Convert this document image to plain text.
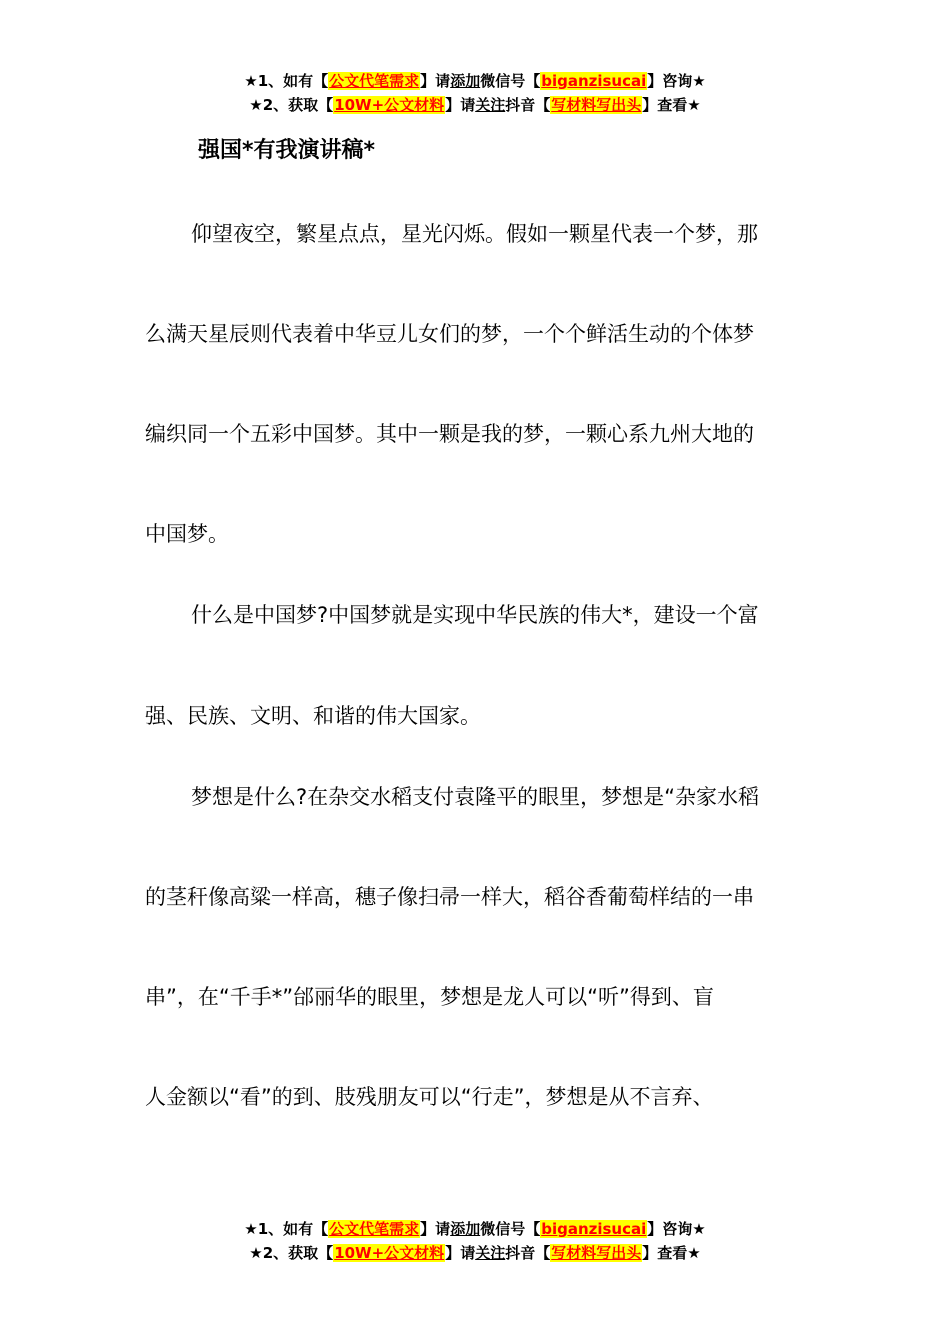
★1、如有【公文代笔需求】请添加微信号【biganzisucai】咨询★
★2、获取【10W+公文材料】请关注抖音【写材料写出头】查看★
强国*有我演讲稿*
仰望夜空，繁星点点，星光闪烁。假如一颗星代表一个梦，那
么满天星辰则代表着中华豆儿女们的梦，一个个鲜活生动的个体梦
编织同一个五彩中国梦。其中一颗是我的梦，一颗心系九州大地的
中国梦。
什么是中国梦?中国梦就是实现中华民族的伟大*，建设一个富
强、民族、文明、和谐的伟大国家。
梦想是什么?在杂交水稻支付袁隆平的眼里，梦想是“杂家水稻
的茎秆像高粱一样高，穗子像扫帚一样大，稻谷香葡萄样结的一串
串”，在“千手*”邰丽华的眼里，梦想是龙人可以“听”得到、盲
人金额以“看”的到、肢残朋友可以“行走”，梦想是从不言弃、
★1、如有【公文代笔需求】请添加微信号【biganzisucai】咨询★
★2、获取【10W+公文材料】请关注抖音【写材料写出头】查看★
